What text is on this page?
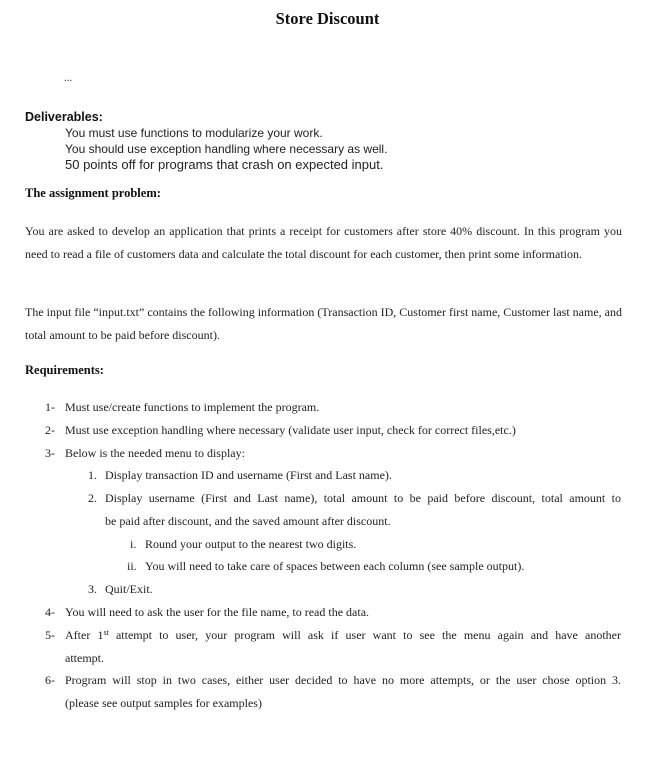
Store Discount
...
Deliverables:
You must use functions to modularize your work.
You should use exception handling where necessary as well.
50 points off for programs that crash on expected input.
The assignment problem:
You are asked to develop an application that prints a receipt for customers after store 40% discount. In this program you need to read a file of customers data and calculate the total discount for each customer, then print some information.
The input file “input.txt” contains the following information (Transaction ID, Customer first name, Customer last name, and total amount to be paid before discount).
Requirements:
1- Must use/create functions to implement the program.
2- Must use exception handling where necessary (validate user input, check for correct files,etc.)
3- Below is the needed menu to display:
1. Display transaction ID and username (First and Last name).
2. Display username (First and Last name), total amount to be paid before discount, total amount to
be paid after discount, and the saved amount after discount.
i. Round your output to the nearest two digits.
ii. You will need to take care of spaces between each column (see sample output).
3. Quit/Exit.
4- You will need to ask the user for the file name, to read the data.
5- After 1st attempt to user, your program will ask if user want to see the menu again and have another
attempt.
6- Program will stop in two cases, either user decided to have no more attempts, or the user chose option 3.
(please see output samples for examples)
